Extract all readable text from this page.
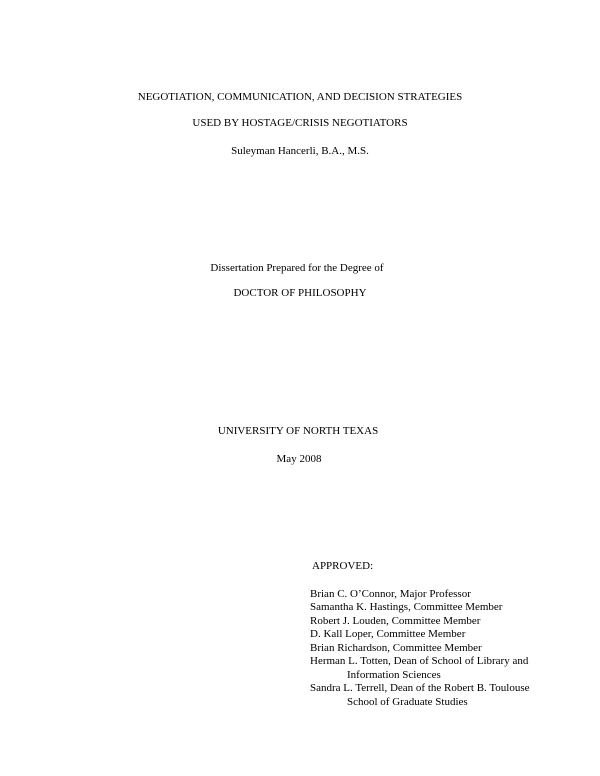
NEGOTIATION, COMMUNICATION, AND DECISION STRATEGIES
USED BY HOSTAGE/CRISIS NEGOTIATORS
Suleyman Hancerli, B.A., M.S.
Dissertation Prepared for the Degree of
DOCTOR OF PHILOSOPHY
UNIVERSITY OF NORTH TEXAS
May 2008
APPROVED:
Brian C. O’Connor, Major Professor
Samantha K. Hastings, Committee Member
Robert J. Louden, Committee Member
D. Kall Loper, Committee Member
Brian Richardson, Committee Member
Herman L. Totten, Dean of School of Library and
Information Sciences
Sandra L. Terrell, Dean of the Robert B. Toulouse
School of Graduate Studies
